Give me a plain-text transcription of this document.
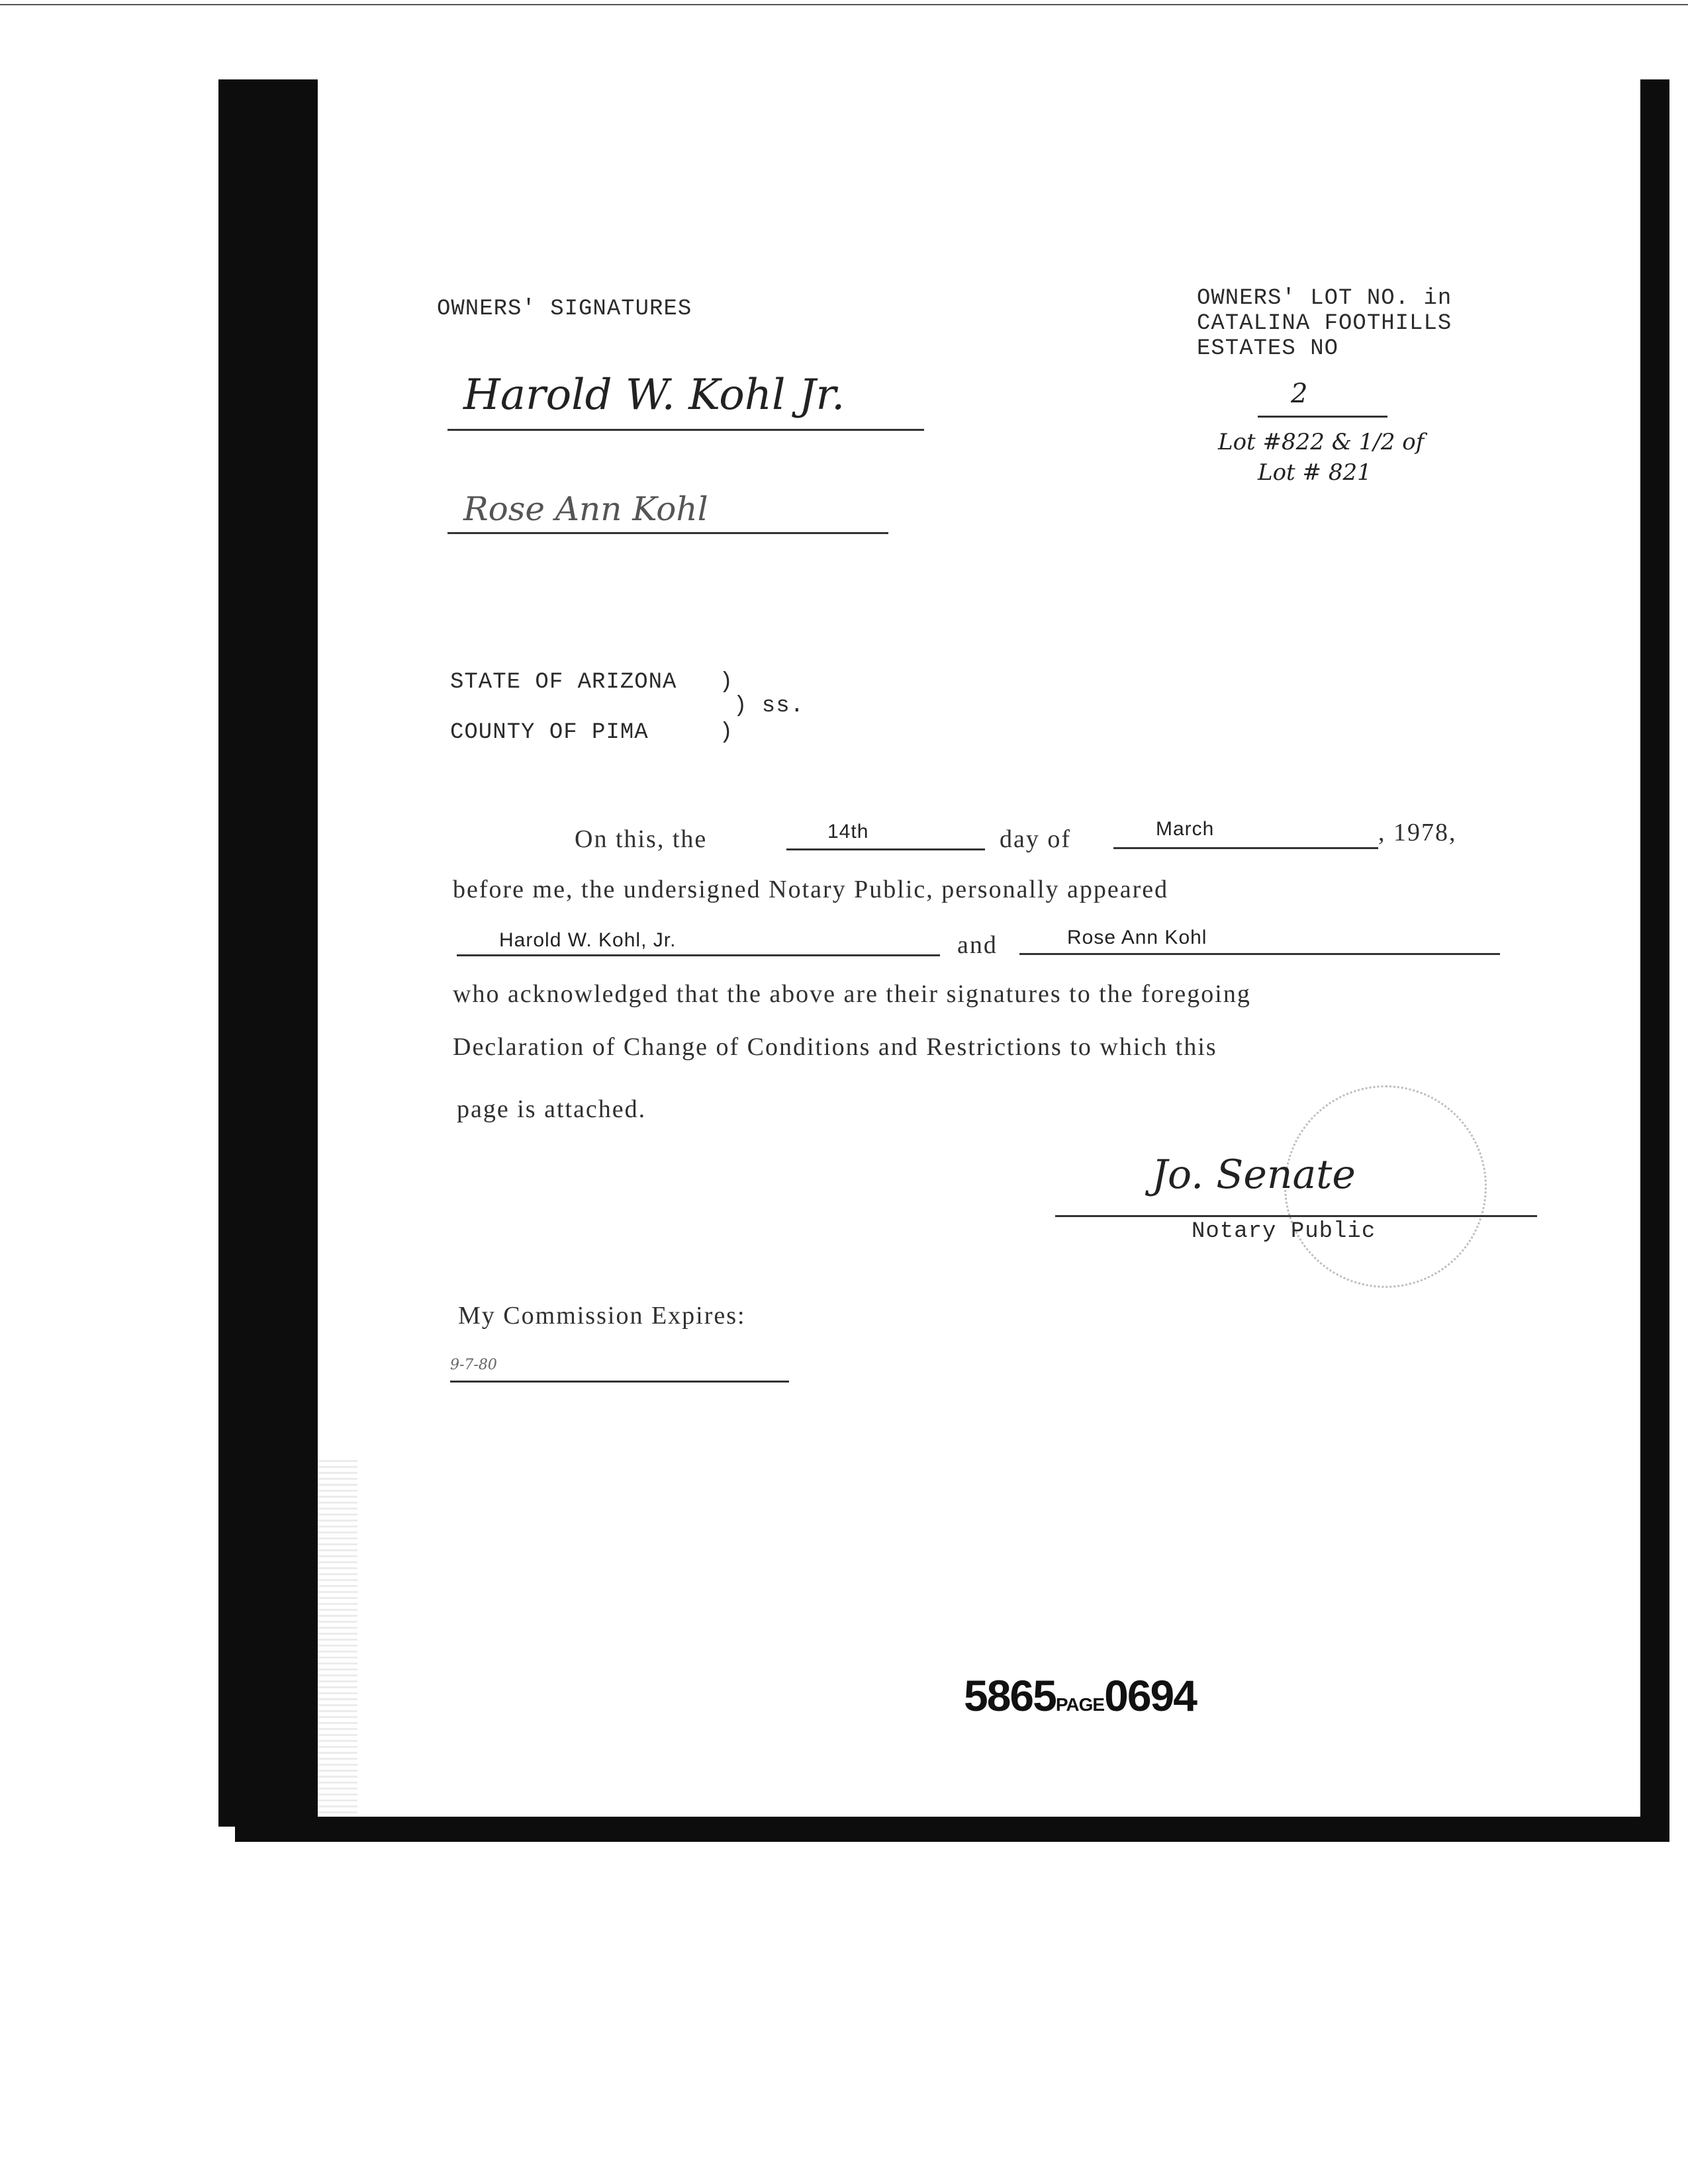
OWNERS' SIGNATURES	OWNERS' LOT NO. in
CATALINA FOOTHILLS
ESTATES NO
2
Lot #822 & 1/2 of
Lot # 821
Harold W. Kohl Jr.
Rose Ann Kohl
STATE OF ARIZONA   )
) ss.
COUNTY OF PIMA     )
On this, the	14th	day of	March	, 1978,
before me, the undersigned Notary Public, personally appeared
Harold W. Kohl, Jr.	and	Rose Ann Kohl
who acknowledged that the above are their signatures to the foregoing
Declaration of Change of Conditions and Restrictions to which this
page is attached.
Jo. Senate
Notary Public
My Commission Expires:
9-7-80
5865PAGE0694
